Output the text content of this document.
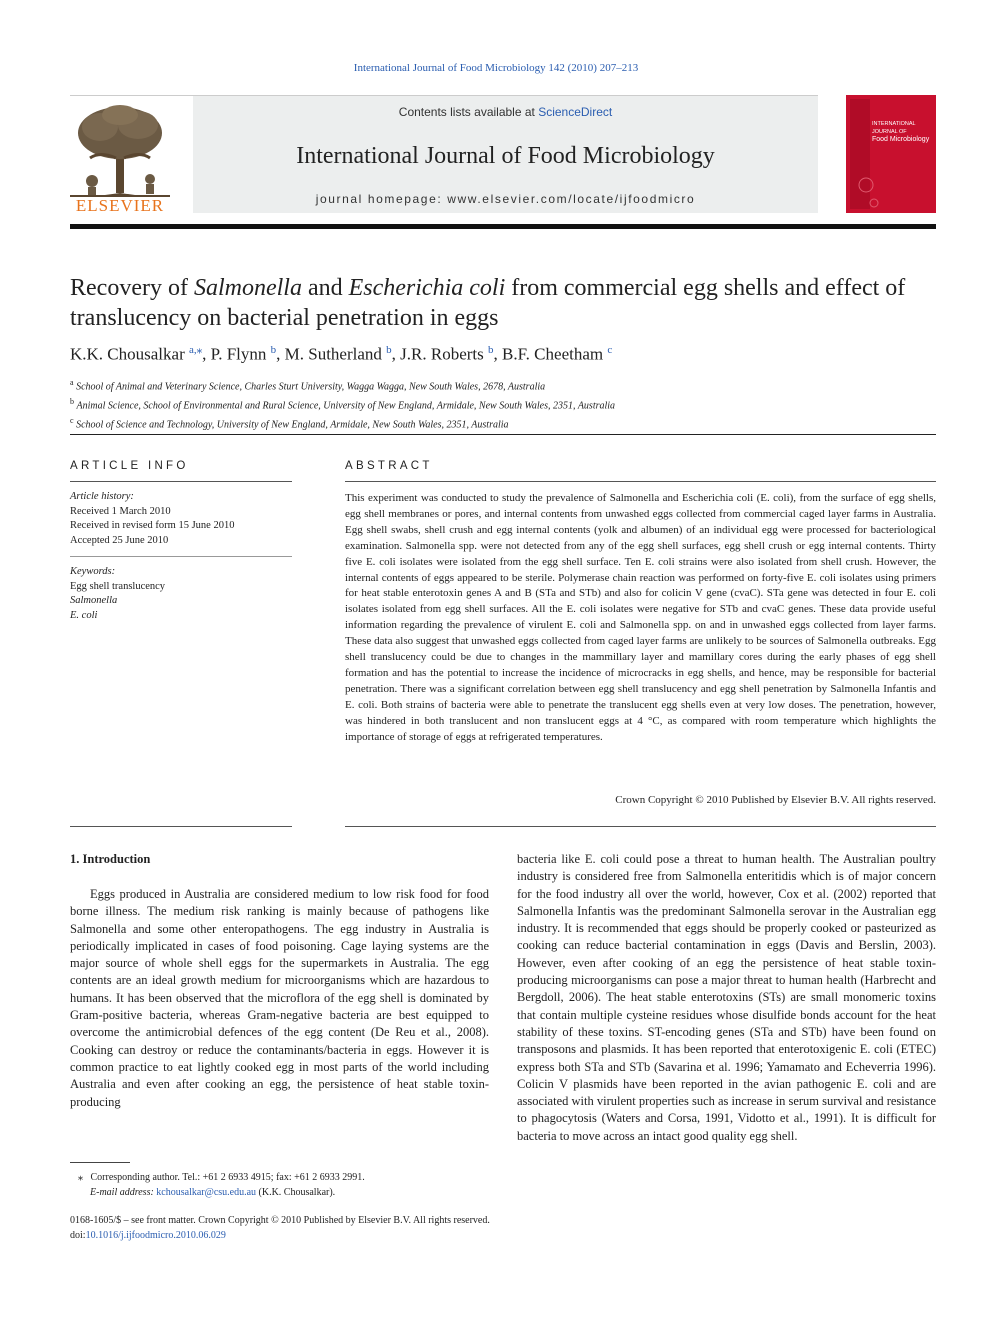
International Journal of Food Microbiology 142 (2010) 207–213
ELSEVIER
Contents lists available at ScienceDirect
International Journal of Food Microbiology
journal homepage: www.elsevier.com/locate/ijfoodmicro
INTERNATIONAL JOURNAL OF
Food Microbiology
Recovery of Salmonella and Escherichia coli from commercial egg shells and effect of translucency on bacterial penetration in eggs
K.K. Chousalkar $^{a,⁎}$, P. Flynn $^b$, M. Sutherland $^b$, J.R. Roberts $^b$, B.F. Cheetham $^c$
$^a$ School of Animal and Veterinary Science, Charles Sturt University, Wagga Wagga, New South Wales, 2678, Australia
$^b$ Animal Science, School of Environmental and Rural Science, University of New England, Armidale, New South Wales, 2351, Australia
$^c$ School of Science and Technology, University of New England, Armidale, New South Wales, 2351, Australia
ARTICLE INFO
Article history:
Received 1 March 2010
Received in revised form 15 June 2010
Accepted 25 June 2010
Keywords:
Egg shell translucency
Salmonella
E. coli
ABSTRACT
This experiment was conducted to study the prevalence of Salmonella and Escherichia coli (E. coli), from the surface of egg shells, egg shell membranes or pores, and internal contents from unwashed eggs collected from commercial caged layer farms in Australia. Egg shell swabs, shell crush and egg internal contents (yolk and albumen) of an individual egg were processed for bacteriological examination. Salmonella spp. were not detected from any of the egg shell surfaces, egg shell crush or egg internal contents. Thirty five E. coli isolates were isolated from the egg shell surface. Ten E. coli strains were also isolated from shell crush. However, the internal contents of eggs appeared to be sterile. Polymerase chain reaction was performed on forty-five E. coli isolates using primers for heat stable enterotoxin genes A and B (STa and STb) and also for colicin V gene (cvaC). STa gene was detected in four E. coli isolates isolated from egg shell surfaces. All the E. coli isolates were negative for STb and cvaC genes. These data provide useful information regarding the prevalence of virulent E. coli and Salmonella spp. on and in unwashed eggs collected from layer farms. These data also suggest that unwashed eggs collected from caged layer farms are unlikely to be sources of Salmonella outbreaks. Egg shell translucency could be due to changes in the mammillary layer and mamillary cores during the early phases of egg shell formation and has the potential to increase the incidence of microcracks in egg shells, and hence, may be responsible for bacterial penetration. There was a significant correlation between egg shell translucency and egg shell penetration by Salmonella Infantis and E. coli. Both strains of bacteria were able to penetrate the translucent egg shells even at very low doses. The penetration, however, was hindered in both translucent and non translucent eggs at 4 °C, as compared with room temperature which highlights the importance of storage of eggs at refrigerated temperatures.
Crown Copyright © 2010 Published by Elsevier B.V. All rights reserved.
1. Introduction
Eggs produced in Australia are considered medium to low risk food for food borne illness. The medium risk ranking is mainly because of pathogens like Salmonella and some other enteropathogens. The egg industry in Australia is periodically implicated in cases of food poisoning. Cage laying systems are the major source of whole shell eggs for the supermarkets in Australia. The egg contents are an ideal growth medium for microorganisms which are hazardous to humans. It has been observed that the microflora of the egg shell is dominated by Gram-positive bacteria, whereas Gram-negative bacteria are best equipped to overcome the antimicrobial defences of the egg content (De Reu et al., 2008). Cooking can destroy or reduce the contaminants/bacteria in eggs. However it is common practice to eat lightly cooked egg in most parts of the world including Australia and even after cooking an egg, the persistence of heat stable toxin-producing
bacteria like E. coli could pose a threat to human health. The Australian poultry industry is considered free from Salmonella enteritidis which is of major concern for the food industry all over the world, however, Cox et al. (2002) reported that Salmonella Infantis was the predominant Salmonella serovar in the Australian egg industry. It is recommended that eggs should be properly cooked or pasteurized as cooking can reduce bacterial contamination in eggs (Davis and Berslin, 2003). However, even after cooking of an egg the persistence of heat stable toxin-producing microorganisms can pose a major threat to human health (Harbrecht and Bergdoll, 2006). The heat stable enterotoxins (STs) are small monomeric toxins that contain multiple cysteine residues whose disulfide bonds account for the heat stability of these toxins. ST-encoding genes (STa and STb) have been found on transposons and plasmids. It has been reported that enterotoxigenic E. coli (ETEC) express both STa and STb (Savarina et al. 1996; Yamamato and Echeverria 1996). Colicin V plasmids have been reported in the avian pathogenic E. coli and are associated with virulent properties such as increase in serum survival and resistance to phagocytosis (Waters and Corsa, 1991, Vidotto et al., 1991). It is difficult for bacteria to move across an intact good quality egg shell.
⁎ Corresponding author. Tel.: +61 2 6933 4915; fax: +61 2 6933 2991.
E-mail address: kchousalkar@csu.edu.au (K.K. Chousalkar).
0168-1605/$ – see front matter. Crown Copyright © 2010 Published by Elsevier B.V. All rights reserved.
doi:10.1016/j.ijfoodmicro.2010.06.029
